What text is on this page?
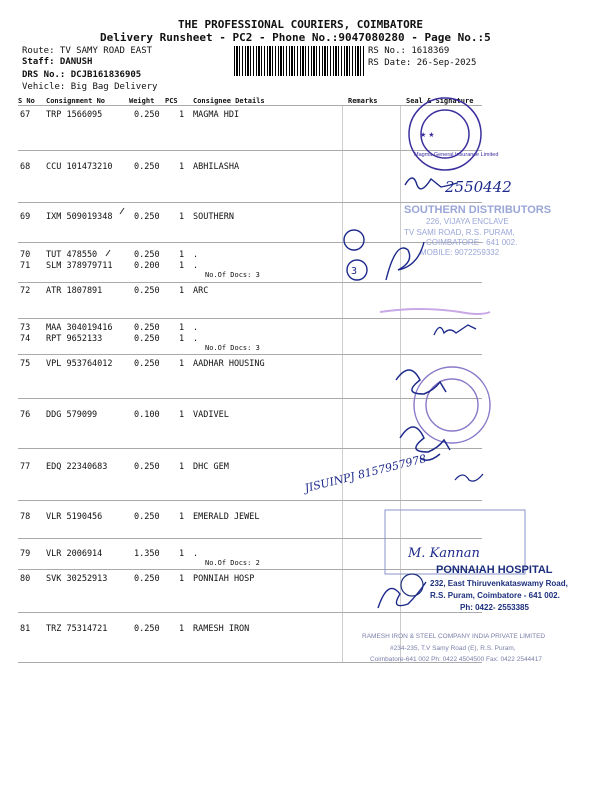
THE PROFESSIONAL COURIERS, COIMBATORE
Delivery Runsheet - PC2 - Phone No.:9047080280 - Page No.:5
Route: TV SAMY ROAD EAST
Staff: DANUSH
DRS No.: DCJB161836905
Vehicle: Big Bag Delivery
RS No.: 1618369
RS Date: 26-Sep-2025
S No Consignment No	Weight PCS Consignee Details	Remarks	Seal & Signature
67 TRP 1566095	0.250 1 MAGMA HDI
68 CCU 101473210	0.250 1 ABHILASHA
69 IXM 509019348	0.250 1 SOUTHERN
70 TUT 478550	0.250 1 .
71 SLM 378979711	0.200 1 .
No.Of Docs: 3
72 ATR 1807891	0.250 1 ARC
73 MAA 304019416	0.250 1 .
74 RPT 9652133	0.250 1 .
No.Of Docs: 3
75 VPL 953764012	0.250 1 AADHAR HOUSING
76 DDG 579099	0.100 1 VADIVEL
77 EDQ 22340683	0.250 1 DHC GEM
78 VLR 5190456	0.250 1 EMERALD JEWEL
79 VLR 2006914	1.350 1 .
No.Of Docs: 2
80 SVK 30252913	0.250 1 PONNIAH HOSP
81 TRZ 75314721	0.250 1 RAMESH IRON
★ ★
2550442
SOUTHERN DISTRIBUTORS
226, VIJAYA ENCLAVE
TV SAMI ROAD, R.S. PURAM,
COIMBATORE - 641 002.
MOBILE: 9072259332
3
JISUINPJ 8157957978
M. Kannan
PONNAIAH HOSPITAL
232, East Thiruvenkataswamy Road,
R.S. Puram, Coimbatore - 641 002.
Ph: 0422- 2553385
RAMESH IRON & STEEL COMPANY INDIA PRIVATE LIMITED
#234-235, T.V Samy Road (E), R.S. Puram,
Coimbatore-641 002 Ph: 0422 4504500 Fax: 0422 2544417
Magma General Insurance Limited
